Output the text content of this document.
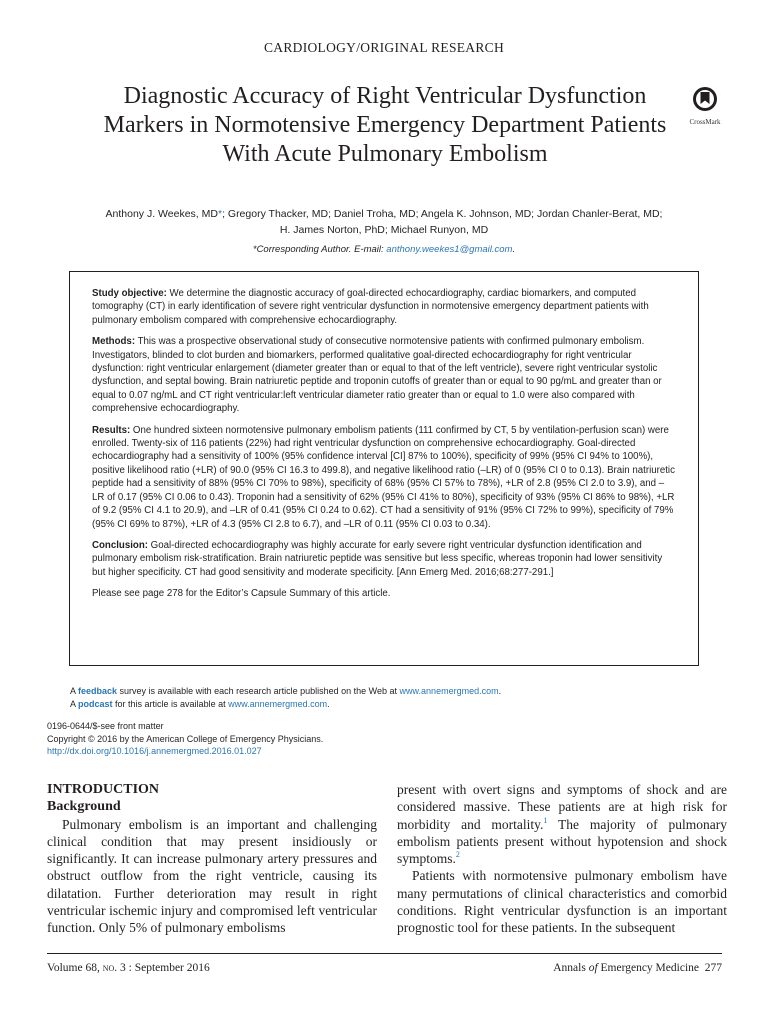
CARDIOLOGY/ORIGINAL RESEARCH
Diagnostic Accuracy of Right Ventricular Dysfunction Markers in Normotensive Emergency Department Patients With Acute Pulmonary Embolism
CrossMark
Anthony J. Weekes, MD*; Gregory Thacker, MD; Daniel Troha, MD; Angela K. Johnson, MD; Jordan Chanler-Berat, MD;
H. James Norton, PhD; Michael Runyon, MD
*Corresponding Author. E-mail: anthony.weekes1@gmail.com.

Study objective: We determine the diagnostic accuracy of goal-directed echocardiography, cardiac biomarkers, and computed tomography (CT) in early identification of severe right ventricular dysfunction in normotensive emergency department patients with pulmonary embolism compared with comprehensive echocardiography.

Methods: This was a prospective observational study of consecutive normotensive patients with confirmed pulmonary embolism. Investigators, blinded to clot burden and biomarkers, performed qualitative goal-directed echocardiography for right ventricular dysfunction: right ventricular enlargement (diameter greater than or equal to that of the left ventricle), severe right ventricular systolic dysfunction, and septal bowing. Brain natriuretic peptide and troponin cutoffs of greater than or equal to 90 pg/mL and greater than or equal to 0.07 ng/mL and CT right ventricular:left ventricular diameter ratio greater than or equal to 1.0 were also compared with comprehensive echocardiography.

Results: One hundred sixteen normotensive pulmonary embolism patients (111 confirmed by CT, 5 by ventilation-perfusion scan) were enrolled. Twenty-six of 116 patients (22%) had right ventricular dysfunction on comprehensive echocardiography. Goal-directed echocardiography had a sensitivity of 100% (95% confidence interval [CI] 87% to 100%), specificity of 99% (95% CI 94% to 100%), positive likelihood ratio (+LR) of 90.0 (95% CI 16.3 to 499.8), and negative likelihood ratio (–LR) of 0 (95% CI 0 to 0.13). Brain natriuretic peptide had a sensitivity of 88% (95% CI 70% to 98%), specificity of 68% (95% CI 57% to 78%), +LR of 2.8 (95% CI 2.0 to 3.9), and –LR of 0.17 (95% CI 0.06 to 0.43). Troponin had a sensitivity of 62% (95% CI 41% to 80%), specificity of 93% (95% CI 86% to 98%), +LR of 9.2 (95% CI 4.1 to 20.9), and –LR of 0.41 (95% CI 0.24 to 0.62). CT had a sensitivity of 91% (95% CI 72% to 99%), specificity of 79% (95% CI 69% to 87%), +LR of 4.3 (95% CI 2.8 to 6.7), and –LR of 0.11 (95% CI 0.03 to 0.34).

Conclusion: Goal-directed echocardiography was highly accurate for early severe right ventricular dysfunction identification and pulmonary embolism risk-stratification. Brain natriuretic peptide was sensitive but less specific, whereas troponin had lower sensitivity but higher specificity. CT had good sensitivity and moderate specificity. [Ann Emerg Med. 2016;68:277-291.]

Please see page 278 for the Editor’s Capsule Summary of this article.

A feedback survey is available with each research article published on the Web at www.annemergmed.com.
A podcast for this article is available at www.annemergmed.com.
0196-0644/$-see front matter
Copyright © 2016 by the American College of Emergency Physicians.
http://dx.doi.org/10.1016/j.annemergmed.2016.01.027

INTRODUCTION

Background

Pulmonary embolism is an important and challenging clinical condition that may present insidiously or significantly. It can increase pulmonary artery pressures and obstruct outflow from the right ventricle, causing its dilatation. Further deterioration may result in right ventricular ischemic injury and compromised left ventricular function. Only 5% of pulmonary embolisms

present with overt signs and symptoms of shock and are considered massive. These patients are at high risk for morbidity and mortality.$^1$ The majority of pulmonary embolism patients present without hypotension and shock symptoms.$^2$

Patients with normotensive pulmonary embolism have many permutations of clinical characteristics and comorbid conditions. Right ventricular dysfunction is an important prognostic tool for these patients. In the subsequent

Volume 68, no. 3 : September 2016	Annals of Emergency Medicine 277
